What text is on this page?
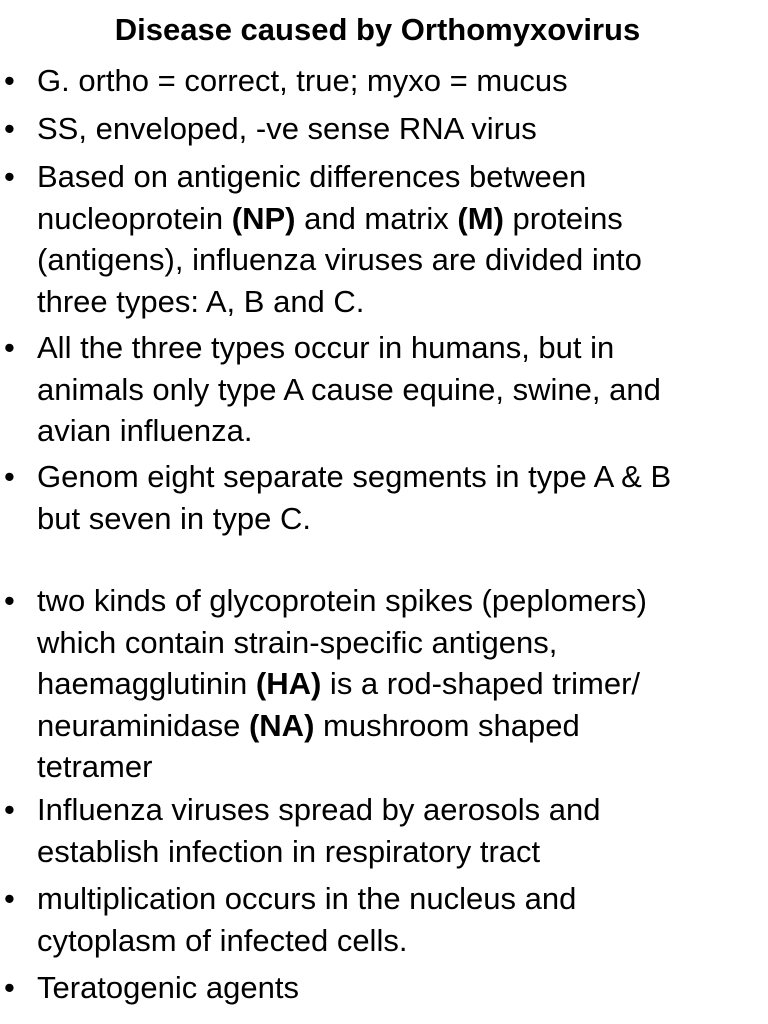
Disease caused by Orthomyxovirus
• G. ortho = correct, true; myxo = mucus
• SS, enveloped, -ve sense RNA virus
• Based on antigenic differences between
nucleoprotein (NP) and matrix (M) proteins
(antigens), influenza viruses are divided into
three types: A, B and C.
• All the three types occur in humans, but in
animals only type A cause equine, swine, and
avian influenza.
• Genom eight separate segments in type A & B
but seven in type C.
• two kinds of glycoprotein spikes (peplomers)
which contain strain-specific antigens,
haemagglutinin (HA) is a rod-shaped trimer/
neuraminidase (NA) mushroom shaped
tetramer
• Influenza viruses spread by aerosols and
establish infection in respiratory tract
• multiplication occurs in the nucleus and
cytoplasm of infected cells.
• Teratogenic agents
